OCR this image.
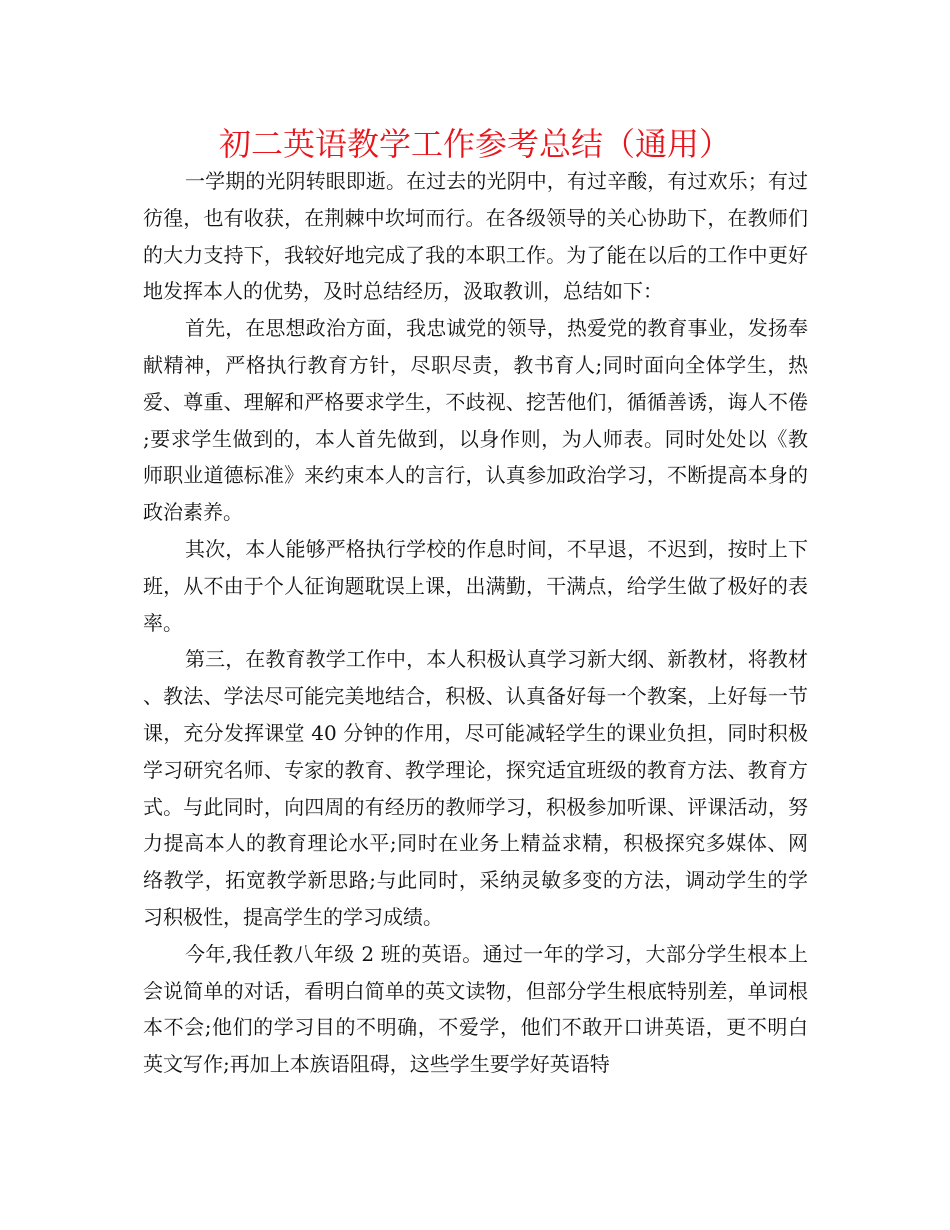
初二英语教学工作参考总结（通用）

一学期的光阴转眼即逝。在过去的光阴中，有过辛酸，有过欢乐；有过彷徨，也有收获，在荆棘中坎坷而行。在各级领导的关心协助下，在教师们的大力支持下，我较好地完成了我的本职工作。为了能在以后的工作中更好地发挥本人的优势，及时总结经历，汲取教训，总结如下：

首先，在思想政治方面，我忠诚党的领导，热爱党的教育事业，发扬奉献精神，严格执行教育方针，尽职尽责，教书育人;同时面向全体学生，热爱、尊重、理解和严格要求学生，不歧视、挖苦他们，循循善诱，诲人不倦;要求学生做到的，本人首先做到，以身作则，为人师表。同时处处以《教师职业道德标准》来约束本人的言行，认真参加政治学习，不断提高本身的政治素养。

其次，本人能够严格执行学校的作息时间，不早退，不迟到，按时上下班，从不由于个人征询题耽误上课，出满勤，干满点，给学生做了极好的表率。

第三，在教育教学工作中，本人积极认真学习新大纲、新教材，将教材、教法、学法尽可能完美地结合，积极、认真备好每一个教案，上好每一节课，充分发挥课堂 40 分钟的作用，尽可能减轻学生的课业负担，同时积极学习研究名师、专家的教育、教学理论，探究适宜班级的教育方法、教育方式。与此同时，向四周的有经历的教师学习，积极参加听课、评课活动，努力提高本人的教育理论水平;同时在业务上精益求精，积极探究多媒体、网络教学，拓宽教学新思路;与此同时，采纳灵敏多变的方法，调动学生的学习积极性，提高学生的学习成绩。

今年,我任教八年级 2 班的英语。通过一年的学习，大部分学生根本上会说简单的对话，看明白简单的英文读物，但部分学生根底特别差，单词根本不会;他们的学习目的不明确，不爱学，他们不敢开口讲英语，更不明白英文写作;再加上本族语阻碍，这些学生要学好英语特
